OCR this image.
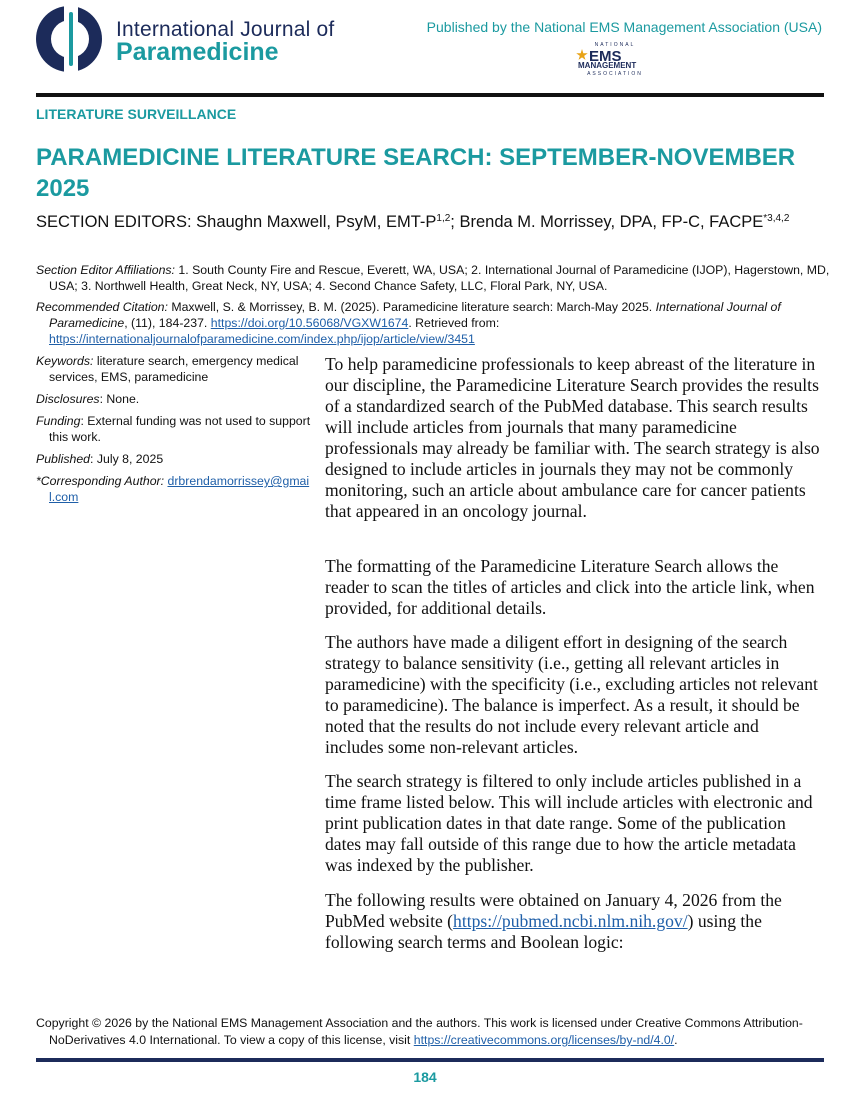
International Journal of
Paramedicine
Published by the National EMS Management Association (USA)
NATIONAL
EMS
MANAGEMENT
ASSOCIATION
LITERATURE SURVEILLANCE
PARAMEDICINE LITERATURE SEARCH: SEPTEMBER-NOVEMBER 2025
SECTION EDITORS: Shaughn Maxwell, PsyM, EMT-$P^{1,2}$; Brenda M. Morrissey, DPA, FP-C, FACPE$^{*3,4,2}$
Section Editor Affiliations: 1. South County Fire and Rescue, Everett, WA, USA; 2. International Journal of Paramedicine (IJOP), Hagerstown, MD, USA; 3. Northwell Health, Great Neck, NY, USA; 4. Second Chance Safety, LLC, Floral Park, NY, USA.
Recommended Citation: Maxwell, S. & Morrissey, B. M. (2025). Paramedicine literature search: March-May 2025. International Journal of Paramedicine, (11), 184-237. https://doi.org/10.56068/VGXW1674. Retrieved from: https://internationaljournalofparamedicine.com/index.php/ijop/article/view/3451
Keywords: literature search, emergency medical services, EMS, paramedicine
Disclosures: None.
Funding: External funding was not used to support this work.
Published: July 8, 2025
*Corresponding Author: drbrendamorrissey@gmail.com

To help paramedicine professionals to keep abreast of the literature in our discipline, the Paramedicine Literature Search provides the results of a standardized search of the PubMed database. This search results will include articles from journals that many paramedicine professionals may already be familiar with. The search strategy is also designed to include articles in journals they may not be commonly monitoring, such an article about ambulance care for cancer patients that appeared in an oncology journal.

The formatting of the Paramedicine Literature Search allows the reader to scan the titles of articles and click into the article link, when provided, for additional details.

The authors have made a diligent effort in designing of the search strategy to balance sensitivity (i.e., getting all relevant articles in paramedicine) with the specificity (i.e., excluding articles not relevant to paramedicine). The balance is imperfect. As a result, it should be noted that the results do not include every relevant article and includes some non-relevant articles.

The search strategy is filtered to only include articles published in a time frame listed below. This will include articles with electronic and print publication dates in that date range. Some of the publication dates may fall outside of this range due to how the article metadata was indexed by the publisher.

The following results were obtained on January 4, 2026 from the PubMed website (https://pubmed.ncbi.nlm.nih.gov/) using the following search terms and Boolean logic:

Copyright © 2026 by the National EMS Management Association and the authors. This work is licensed under Creative Commons Attribution-NoDerivatives 4.0 International. To view a copy of this license, visit https://creativecommons.org/licenses/by-nd/4.0/.
184
